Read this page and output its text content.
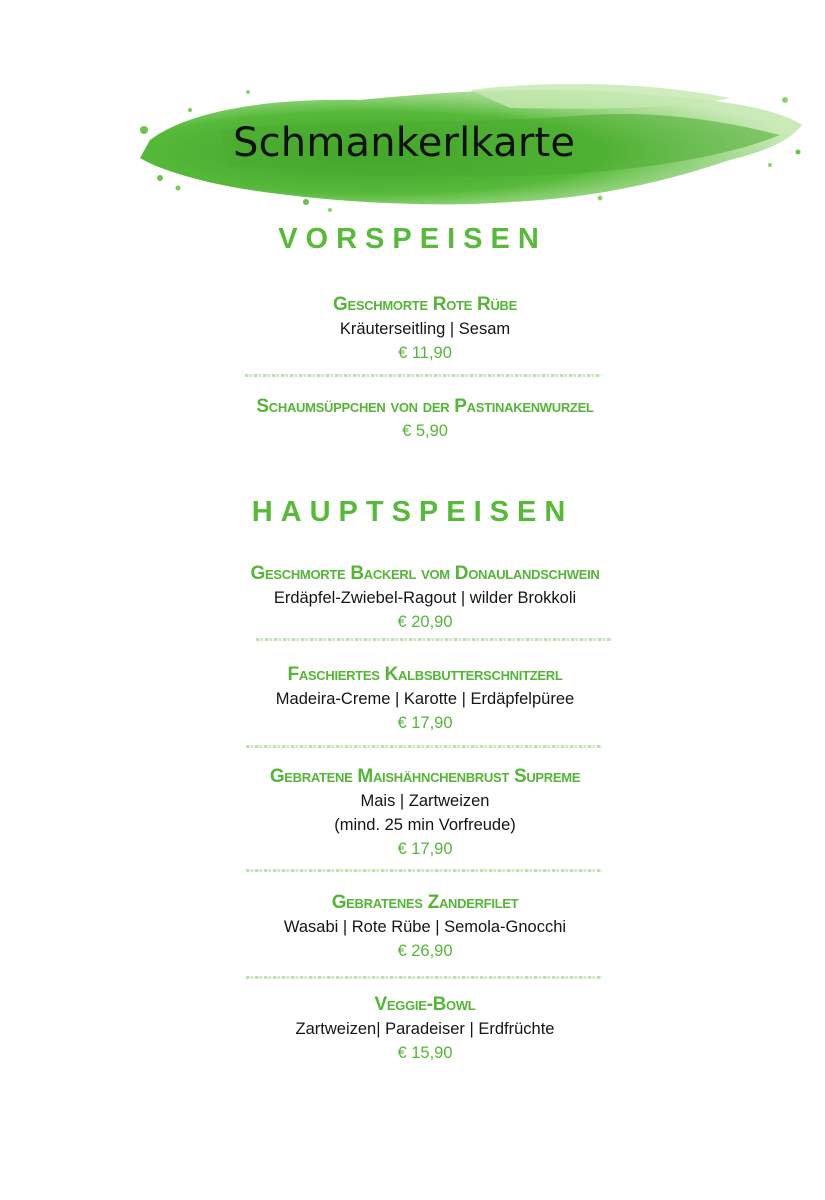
Schmankerlkarte
VORSPEISEN
Geschmorte Rote Rübe
Kräuterseitling | Sesam
€ 11,90
Schaumsüppchen von der Pastinakenwurzel
€ 5,90
HAUPTSPEISEN
Geschmorte Backerl vom Donaulandschwein
Erdäpfel-Zwiebel-Ragout | wilder Brokkoli
€ 20,90
Faschiertes Kalbsbutterschnitzerl
Madeira-Creme | Karotte | Erdäpfelpüree
€ 17,90
Gebratene Maishähnchenbrust Supreme
Mais | Zartweizen
(mind. 25 min Vorfreude)
€ 17,90
Gebratenes Zanderfilet
Wasabi | Rote Rübe | Semola-Gnocchi
€ 26,90
Veggie-Bowl
Zartweizen| Paradeiser | Erdfrüchte
€ 15,90
